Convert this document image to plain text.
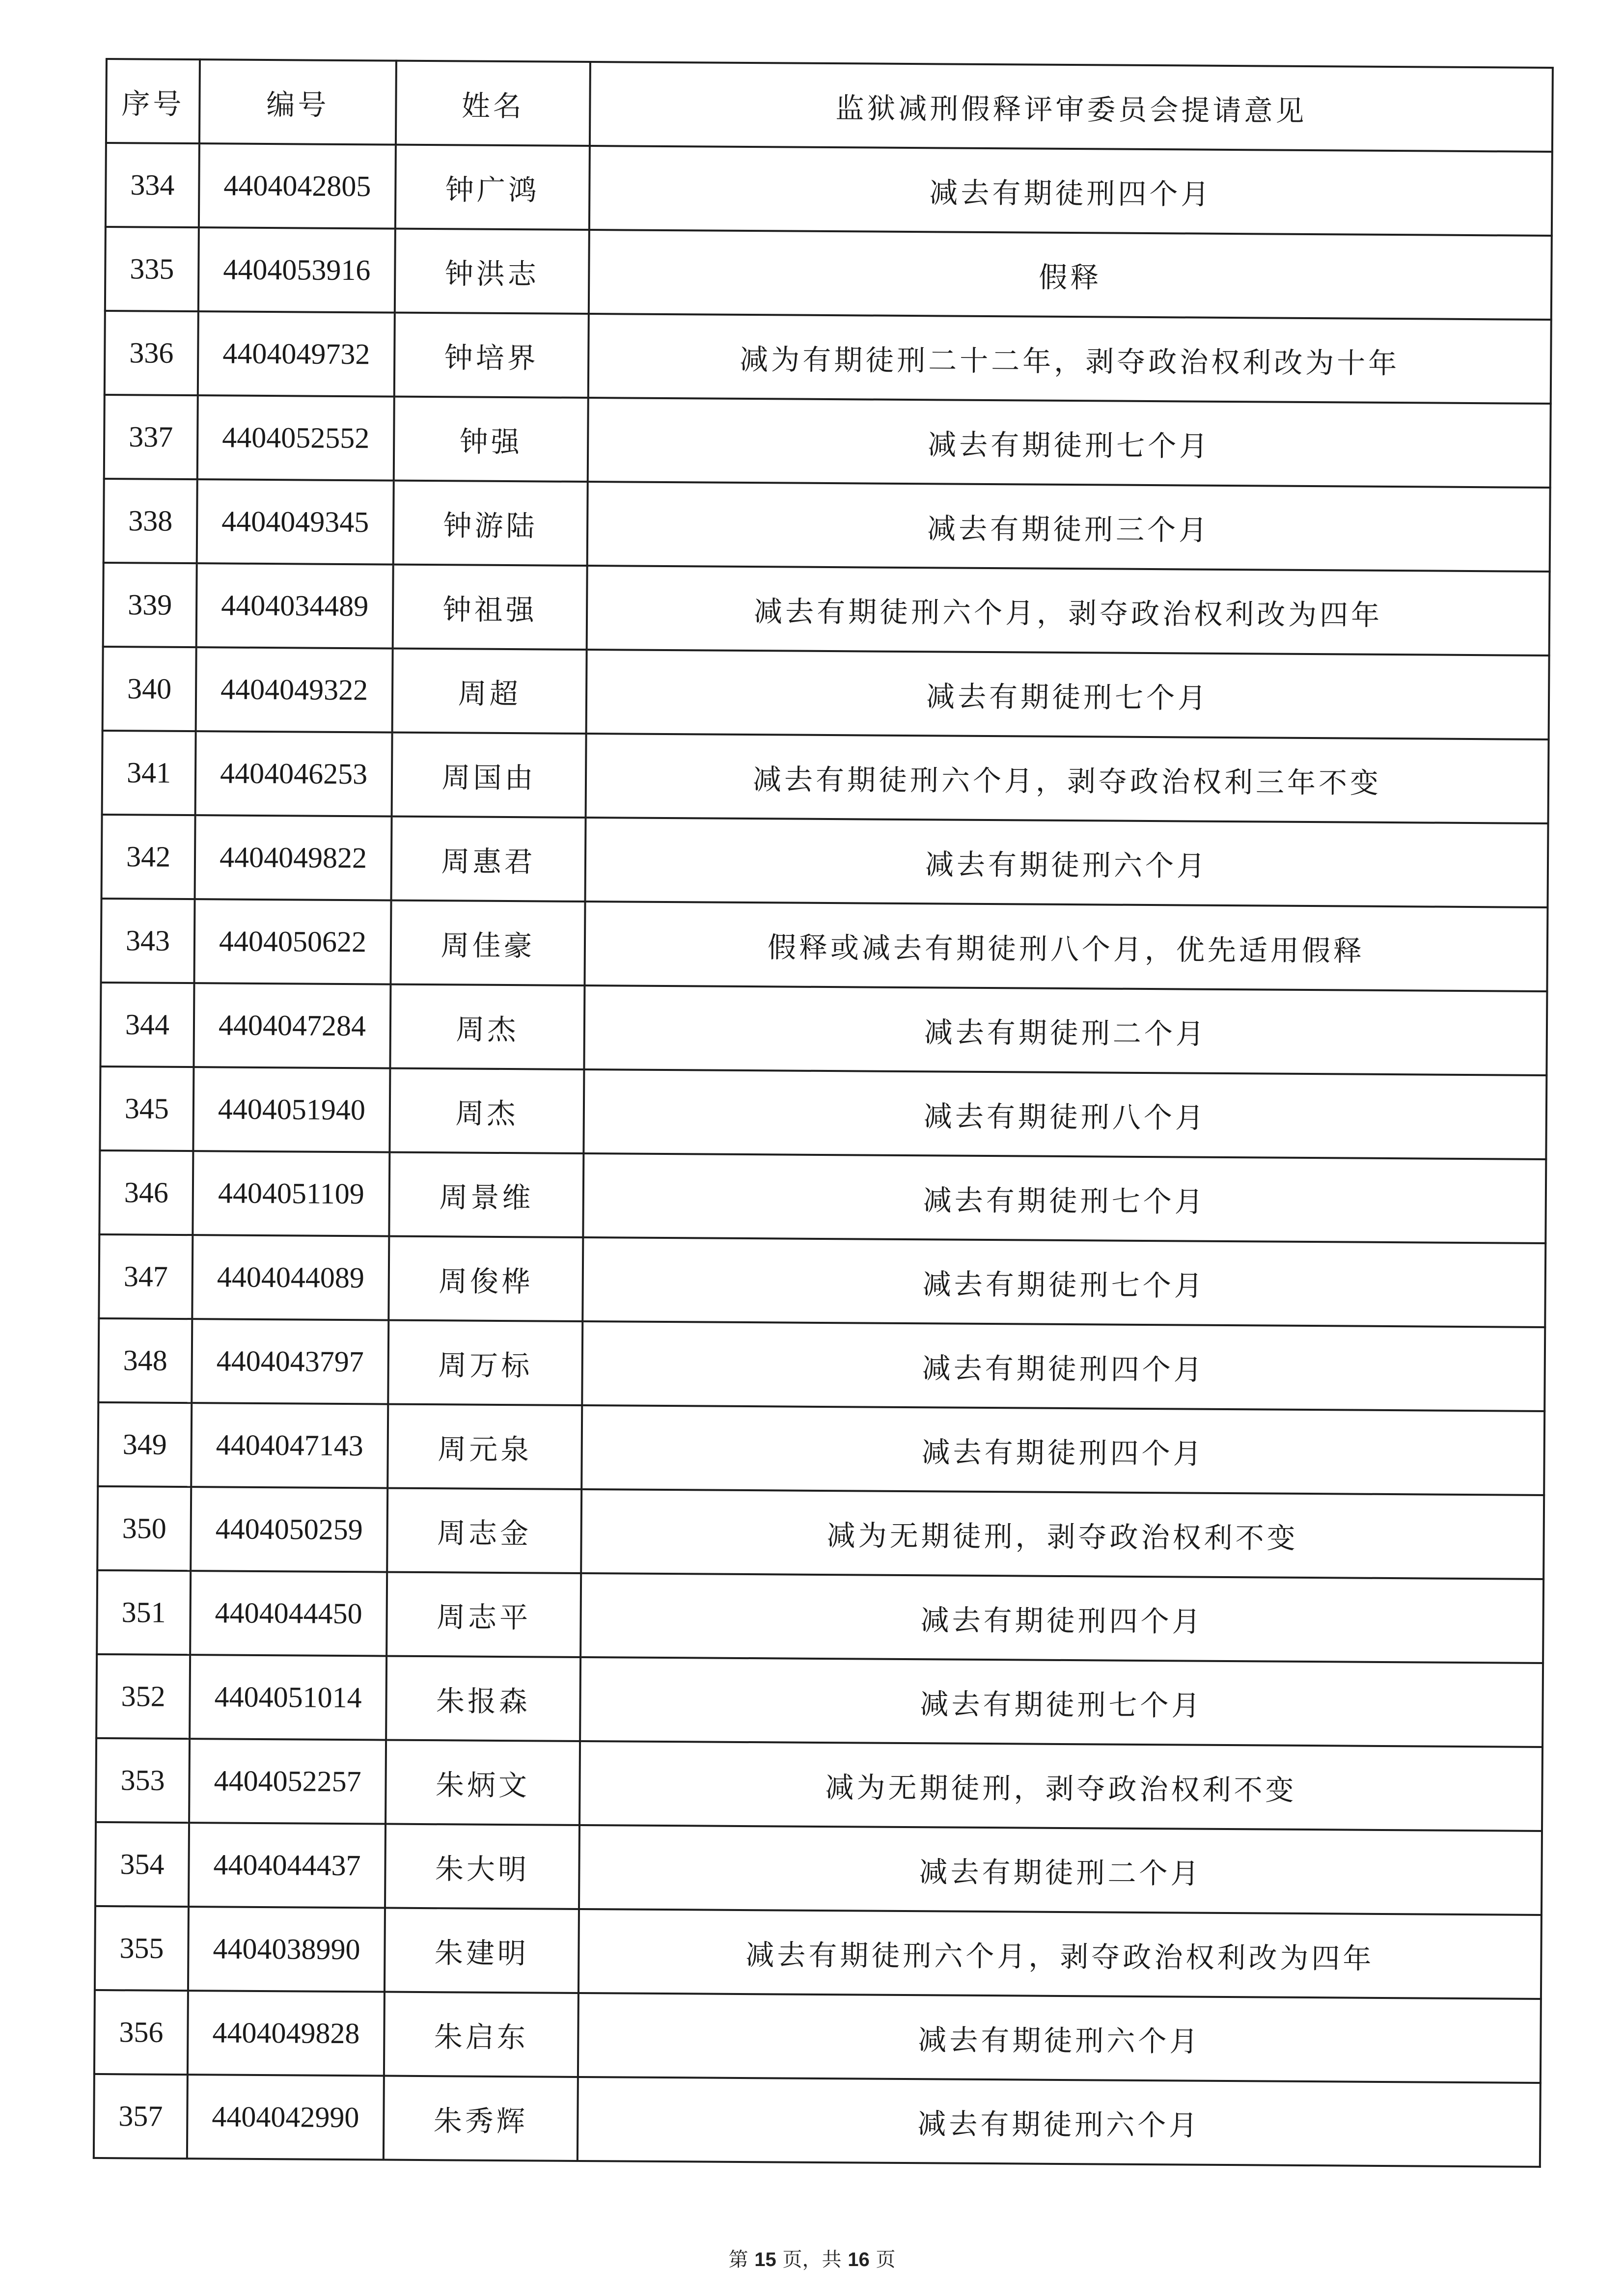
序号	编号	姓名	监狱减刑假释评审委员会提请意见
334	4404042805	钟广鸿	减去有期徒刑四个月
335	4404053916	钟洪志	假释
336	4404049732	钟培界	减为有期徒刑二十二年，剥夺政治权利改为十年
337	4404052552	钟强	减去有期徒刑七个月
338	4404049345	钟游陆	减去有期徒刑三个月
339	4404034489	钟祖强	减去有期徒刑六个月，剥夺政治权利改为四年
340	4404049322	周超	减去有期徒刑七个月
341	4404046253	周国由	减去有期徒刑六个月，剥夺政治权利三年不变
342	4404049822	周惠君	减去有期徒刑六个月
343	4404050622	周佳豪	假释或减去有期徒刑八个月，优先适用假释
344	4404047284	周杰	减去有期徒刑二个月
345	4404051940	周杰	减去有期徒刑八个月
346	4404051109	周景维	减去有期徒刑七个月
347	4404044089	周俊桦	减去有期徒刑七个月
348	4404043797	周万标	减去有期徒刑四个月
349	4404047143	周元泉	减去有期徒刑四个月
350	4404050259	周志金	减为无期徒刑，剥夺政治权利不变
351	4404044450	周志平	减去有期徒刑四个月
352	4404051014	朱报森	减去有期徒刑七个月
353	4404052257	朱炳文	减为无期徒刑，剥夺政治权利不变
354	4404044437	朱大明	减去有期徒刑二个月
355	4404038990	朱建明	减去有期徒刑六个月，剥夺政治权利改为四年
356	4404049828	朱启东	减去有期徒刑六个月
357	4404042990	朱秀辉	减去有期徒刑六个月
第 15 页，共 16 页
